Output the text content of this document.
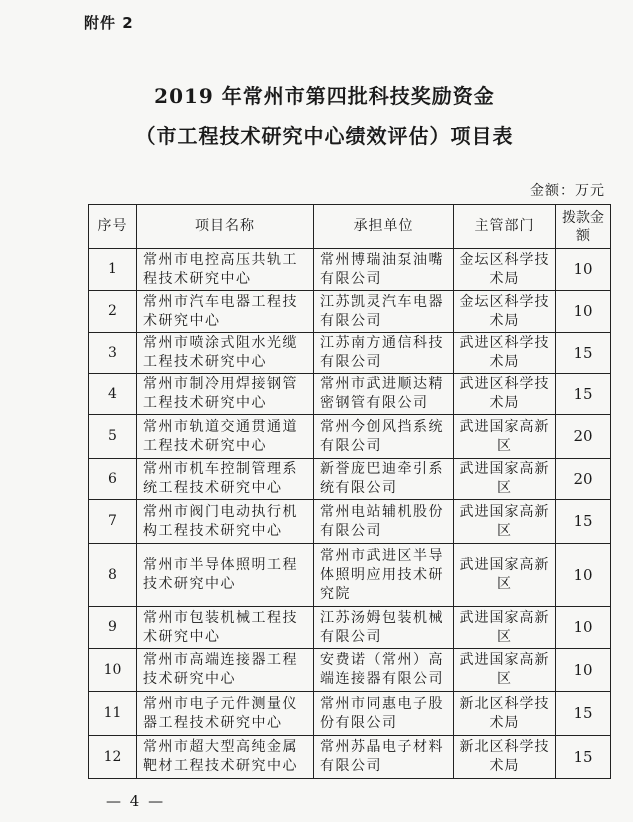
附件 2
2019 年常州市第四批科技奖励资金
（市工程技术研究中心绩效评估）项目表
金额：万元
序号	项目名称	承担单位	主管部门	拨款金额
1	常州市电控高压共轨工程技术研究中心	常州博瑞油泵油嘴有限公司	金坛区科学技术局	10
2	常州市汽车电器工程技术研究中心	江苏凯灵汽车电器有限公司	金坛区科学技术局	10
3	常州市喷涂式阻水光缆工程技术研究中心	江苏南方通信科技有限公司	武进区科学技术局	15
4	常州市制冷用焊接钢管工程技术研究中心	常州市武进顺达精密钢管有限公司	武进区科学技术局	15
5	常州市轨道交通贯通道工程技术研究中心	常州今创风挡系统有限公司	武进国家高新区	20
6	常州市机车控制管理系统工程技术研究中心	新誉庞巴迪牵引系统有限公司	武进国家高新区	20
7	常州市阀门电动执行机构工程技术研究中心	常州电站辅机股份有限公司	武进国家高新区	15
8	常州市半导体照明工程技术研究中心	常州市武进区半导体照明应用技术研究院	武进国家高新区	10
9	常州市包装机械工程技术研究中心	江苏汤姆包装机械有限公司	武进国家高新区	10
10	常州市高端连接器工程技术研究中心	安费诺（常州）高端连接器有限公司	武进国家高新区	10
11	常州市电子元件测量仪器工程技术研究中心	常州市同惠电子股份有限公司	新北区科学技术局	15
12	常州市超大型高纯金属靶材工程技术研究中心	常州苏晶电子材料有限公司	新北区科学技术局	15
— 4 —
